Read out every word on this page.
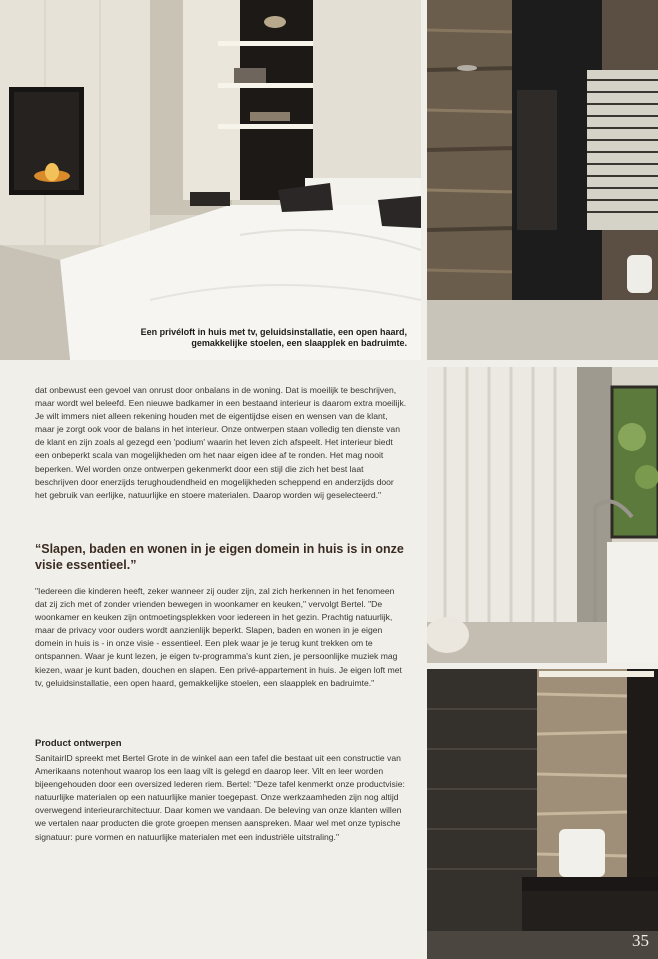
Een privéloft in huis met tv, geluidsinstallatie, een open haard, gemakkelijke stoelen, een slaapplek en badruimte.

35

dat onbewust een gevoel van onrust door onbalans in de woning. Dat is moeilijk te beschrijven, maar wordt wel beleefd. Een nieuwe badkamer in een bestaand interieur is daarom extra moeilijk. Je wilt immers niet alleen rekening houden met de eigentijdse eisen en wensen van de klant, maar je zorgt ook voor de balans in het interieur. Onze ontwerpen staan volledig ten dienste van de klant en zijn zoals al gezegd een 'podium' waarin het leven zich afspeelt. Het interieur biedt een onbeperkt scala van mogelijkheden om het naar eigen idee af te ronden. Het mag nooit beperken. Wel worden onze ontwerpen gekenmerkt door een stijl die zich het best laat beschrijven door enerzijds terughoudendheid en mogelijkheden scheppend en anderzijds door het gebruik van eerlijke, natuurlijke en stoere materialen. Daarop worden wij geselecteerd."

“Slapen, baden en wonen in je eigen domein in huis is in onze visie essentieel.”

"Iedereen die kinderen heeft, zeker wanneer zij ouder zijn, zal zich herkennen in het fenomeen dat zij zich met of zonder vrienden bewegen in woonkamer en keuken," vervolgt Bertel. "De woonkamer en keuken zijn ontmoetingsplekken voor iedereen in het gezin. Prachtig natuurlijk, maar de privacy voor ouders wordt aanzienlijk beperkt. Slapen, baden en wonen in je eigen domein in huis is - in onze visie - essentieel. Een plek waar je je terug kunt trekken om te ontspannen. Waar je kunt lezen, je eigen tv-programma's kunt zien, je persoonlijke muziek mag kiezen, waar je kunt baden, douchen en slapen. Een privé-appartement in huis. Je eigen loft met tv, geluidsinstallatie, een open haard, gemakkelijke stoelen, een slaapplek en badruimte."

Product ontwerpen

SanitairID spreekt met Bertel Grote in de winkel aan een tafel die bestaat uit een constructie van Amerikaans notenhout waarop los een laag vilt is gelegd en daarop leer. Vilt en leer worden bijeengehouden door een oversized lederen riem. Bertel: "Deze tafel kenmerkt onze productvisie: natuurlijke materialen op een natuurlijke manier toegepast. Onze werkzaamheden zijn nog altijd overwegend interieurarchitectuur. Daar komen we vandaan. De beleving van onze klanten willen we vertalen naar producten die grote groepen mensen aanspreken. Maar wel met onze typische signatuur: pure vormen en natuurlijke materialen met een industriële uitstraling."
